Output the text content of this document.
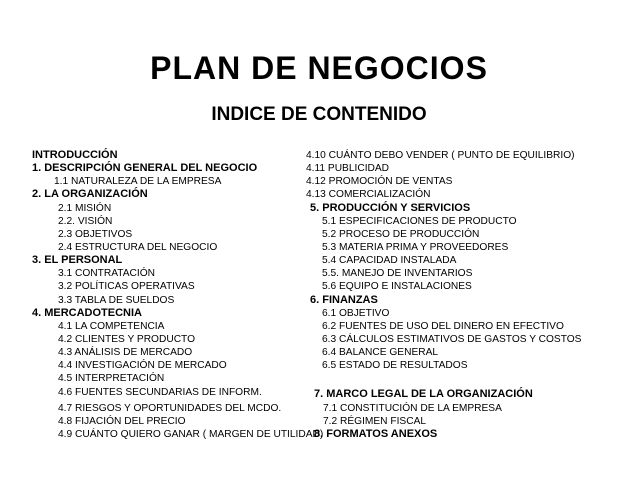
PLAN DE NEGOCIOS
INDICE DE CONTENIDO
INTRODUCCIÓN
1. DESCRIPCIÓN GENERAL DEL NEGOCIO
1.1 NATURALEZA DE LA EMPRESA
2. LA ORGANIZACIÓN
2.1 MISIÓN
2.2. VISIÓN
2.3 OBJETIVOS
2.4 ESTRUCTURA DEL NEGOCIO
3. EL PERSONAL
3.1 CONTRATACIÓN
3.2 POLÍTICAS OPERATIVAS
3.3 TABLA DE SUELDOS
4. MERCADOTECNIA
4.1 LA COMPETENCIA
4.2 CLIENTES Y PRODUCTO
4.3 ANÁLISIS DE MERCADO
4.4 INVESTIGACIÓN DE MERCADO
4.5 INTERPRETACIÓN
4.6 FUENTES SECUNDARIAS DE INFORM.
4.7 RIESGOS Y OPORTUNIDADES DEL MCDO.
4.8 FIJACIÓN DEL PRECIO
4.9 CUÁNTO QUIERO GANAR ( MARGEN DE UTILIDAD)
4.10 CUÁNTO DEBO VENDER ( PUNTO DE EQUILIBRIO)
4.11 PUBLICIDAD
4.12 PROMOCIÓN DE VENTAS
4.13 COMERCIALIZACIÓN
5. PRODUCCIÓN Y SERVICIOS
5.1 ESPECIFICACIONES DE PRODUCTO
5.2 PROCESO DE PRODUCCIÓN
5.3 MATERIA PRIMA Y PROVEEDORES
5.4 CAPACIDAD INSTALADA
5.5. MANEJO DE INVENTARIOS
5.6 EQUIPO E INSTALACIONES
6. FINANZAS
6.1 OBJETIVO
6.2 FUENTES DE USO DEL DINERO EN EFECTIVO
6.3 CÁLCULOS ESTIMATIVOS DE GASTOS Y COSTOS
6.4 BALANCE GENERAL
6.5 ESTADO DE RESULTADOS
7. MARCO LEGAL DE LA ORGANIZACIÓN
7.1 CONSTITUCIÓN DE LA EMPRESA
7.2 RÉGIMEN FISCAL
8. FORMATOS ANEXOS
